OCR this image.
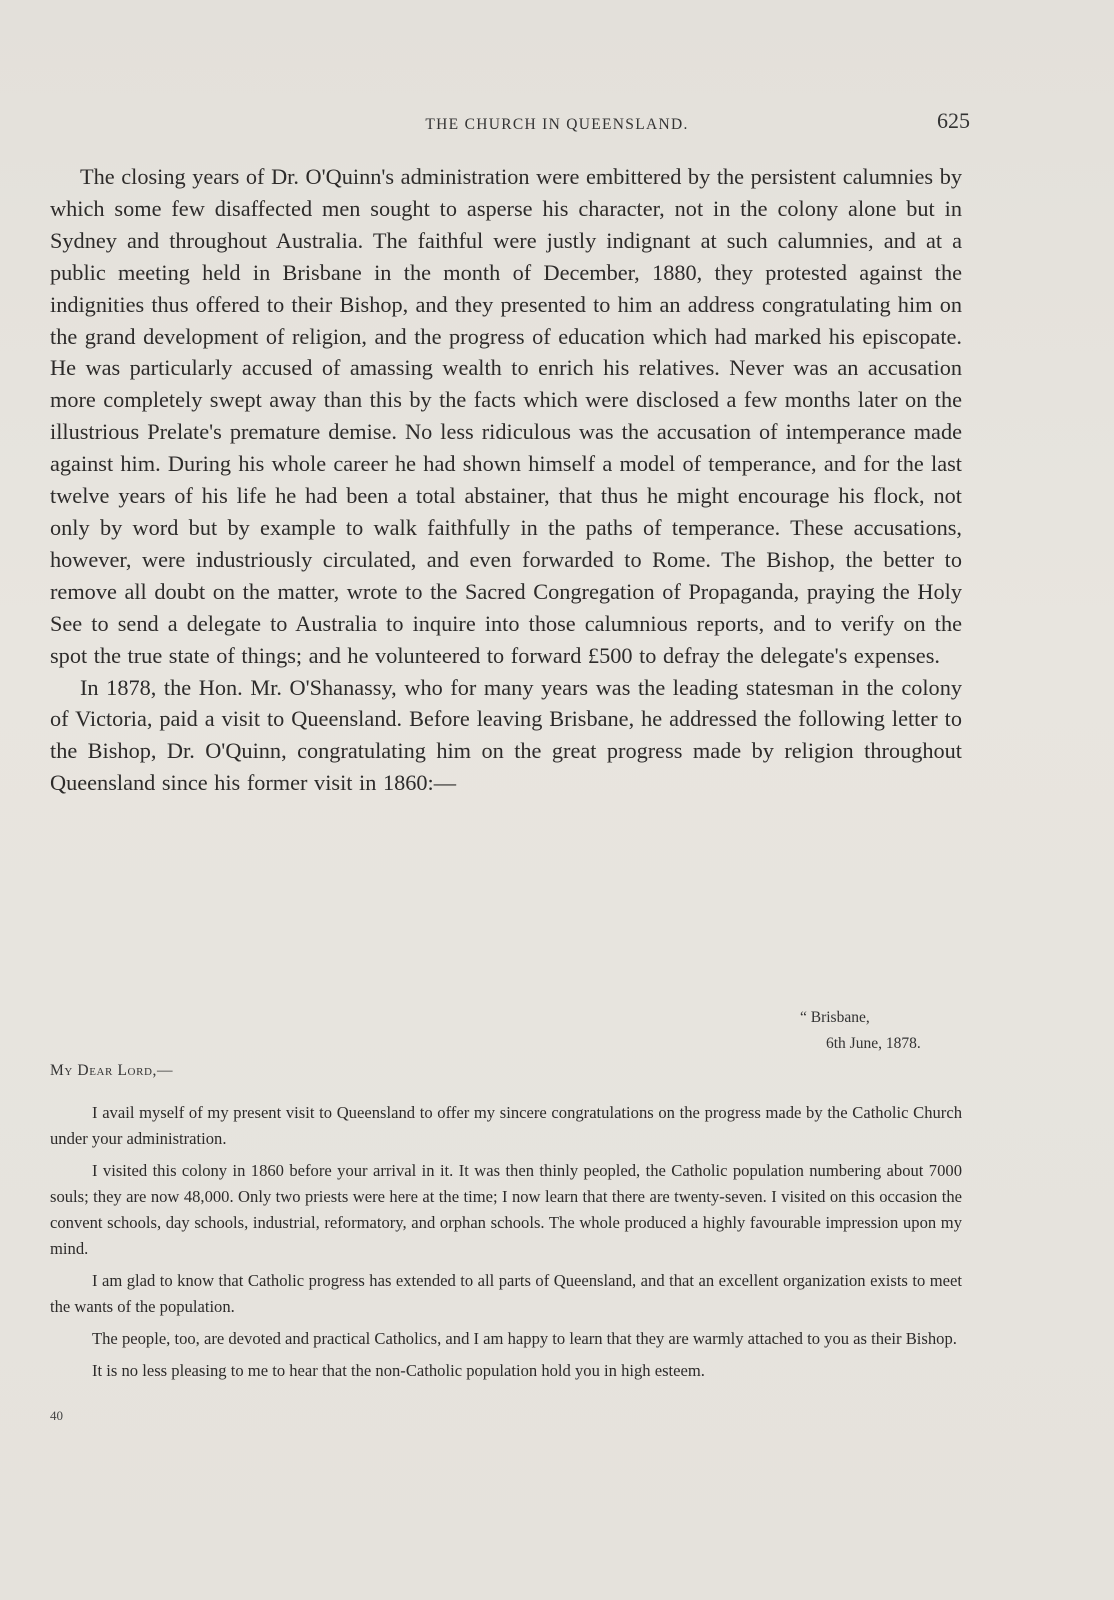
THE CHURCH IN QUEENSLAND.	625

The closing years of Dr. O'Quinn's administration were embittered by the persistent calumnies by which some few disaffected men sought to asperse his character, not in the colony alone but in Sydney and throughout Australia. The faithful were justly indignant at such calumnies, and at a public meeting held in Brisbane in the month of December, 1880, they protested against the indignities thus offered to their Bishop, and they presented to him an address congratulating him on the grand development of religion, and the progress of education which had marked his episcopate. He was particularly accused of amassing wealth to enrich his relatives. Never was an accusation more completely swept away than this by the facts which were disclosed a few months later on the illustrious Prelate's premature demise. No less ridiculous was the accusation of intemperance made against him. During his whole career he had shown himself a model of temperance, and for the last twelve years of his life he had been a total abstainer, that thus he might encourage his flock, not only by word but by example to walk faithfully in the paths of temperance. These accusations, however, were industriously circulated, and even forwarded to Rome. The Bishop, the better to remove all doubt on the matter, wrote to the Sacred Congregation of Propaganda, praying the Holy See to send a delegate to Australia to inquire into those calumnious reports, and to verify on the spot the true state of things; and he volunteered to forward £500 to defray the delegate's expenses.

In 1878, the Hon. Mr. O'Shanassy, who for many years was the leading statesman in the colony of Victoria, paid a visit to Queensland. Before leaving Brisbane, he addressed the following letter to the Bishop, Dr. O'Quinn, congratulating him on the great progress made by religion throughout Queensland since his former visit in 1860:—

“ Brisbane,
6th June, 1878.
My Dear Lord,—

I avail myself of my present visit to Queensland to offer my sincere congratulations on the progress made by the Catholic Church under your administration.

I visited this colony in 1860 before your arrival in it. It was then thinly peopled, the Catholic population numbering about 7000 souls; they are now 48,000. Only two priests were here at the time; I now learn that there are twenty-seven. I visited on this occasion the convent schools, day schools, industrial, reformatory, and orphan schools. The whole produced a highly favourable impression upon my mind.

I am glad to know that Catholic progress has extended to all parts of Queensland, and that an excellent organization exists to meet the wants of the population.

The people, too, are devoted and practical Catholics, and I am happy to learn that they are warmly attached to you as their Bishop.

It is no less pleasing to me to hear that the non-Catholic population hold you in high esteem.

40
